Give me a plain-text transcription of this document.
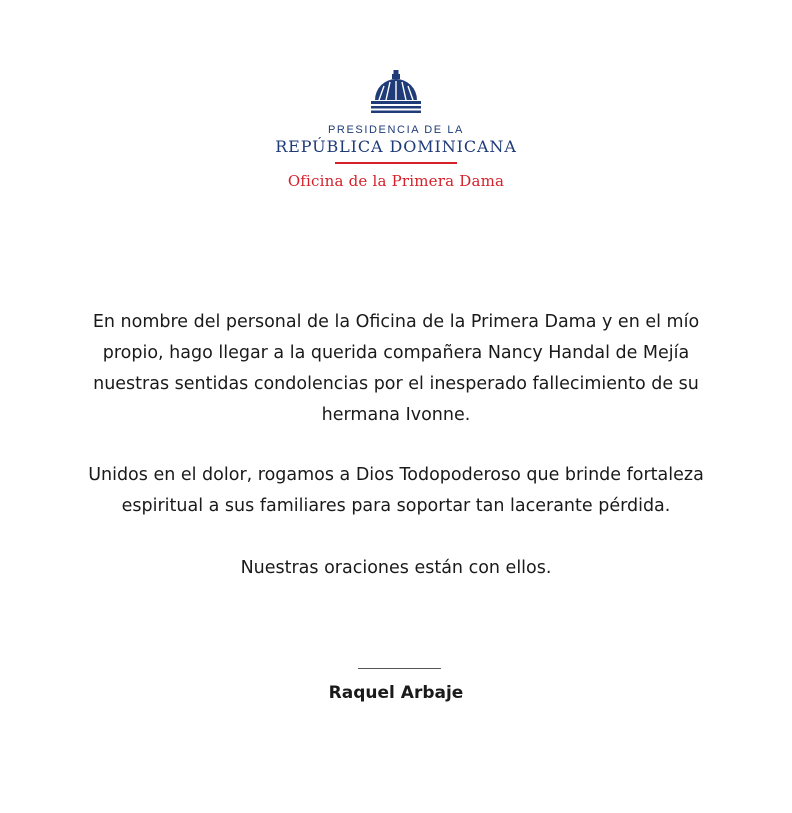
PRESIDENCIA DE LA
REPÚBLICA DOMINICANA
Oficina de la Primera Dama

En nombre del personal de la Oficina de la Primera Dama y en el mío
propio, hago llegar a la querida compañera Nancy Handal de Mejía
nuestras sentidas condolencias por el inesperado fallecimiento de su
hermana Ivonne.

Unidos en el dolor, rogamos a Dios Todopoderoso que brinde fortaleza
espiritual a sus familiares para soportar tan lacerante pérdida.

Nuestras oraciones están con ellos.

Raquel Arbaje
